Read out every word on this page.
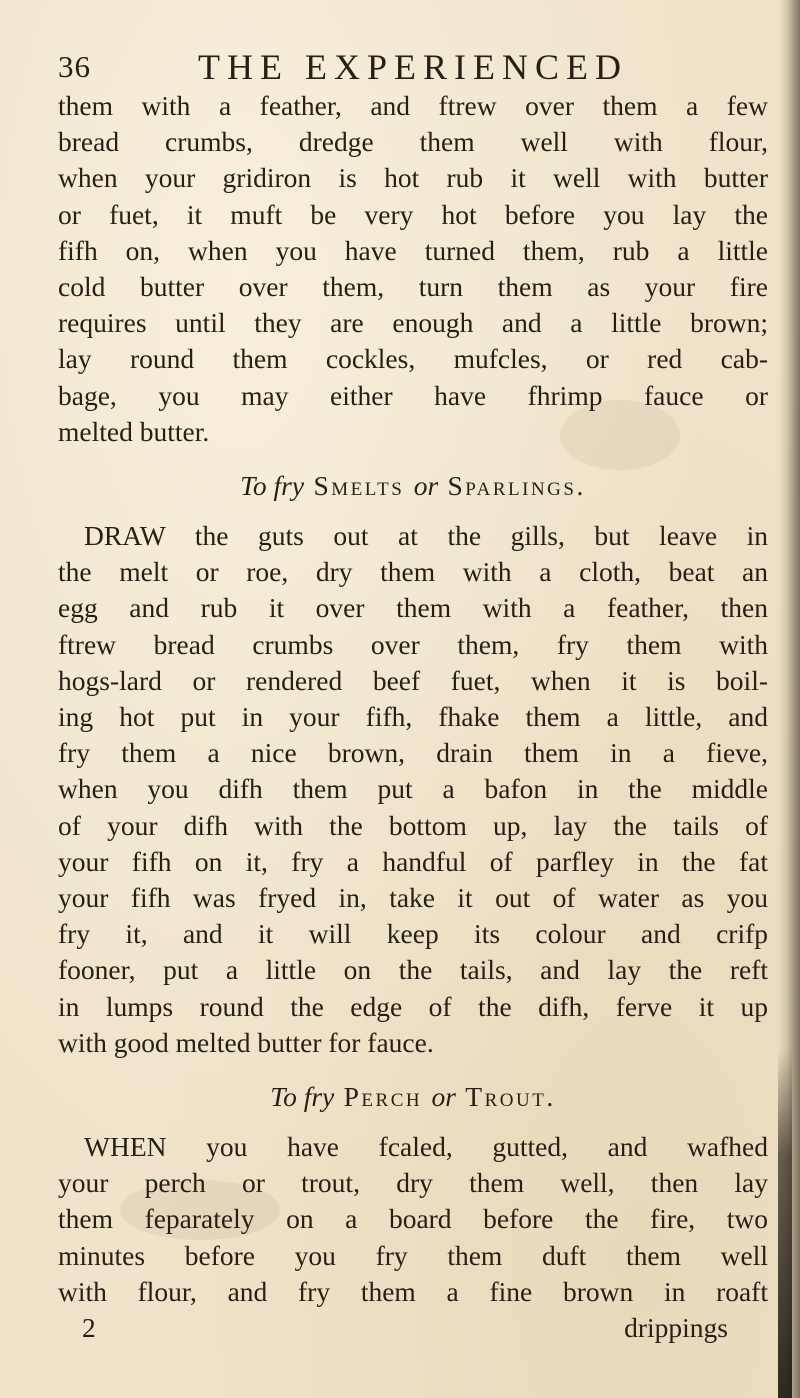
36	THE EXPERIENCED
them with a feather, and ftrew over them a few
bread crumbs, dredge them well with flour,
when your gridiron is hot rub it well with butter
or fuet, it muft be very hot before you lay the
fifh on, when you have turned them, rub a little
cold butter over them, turn them as your fire
requires until they are enough and a little brown;
lay round them cockles, mufcles, or red cab-
bage, you may either have fhrimp fauce or
melted butter.
To fry Smelts or Sparlings.
DRAW the guts out at the gills, but leave in
the melt or roe, dry them with a cloth, beat an
egg and rub it over them with a feather, then
ftrew bread crumbs over them, fry them with
hogs-lard or rendered beef fuet, when it is boil-
ing hot put in your fifh, fhake them a little, and
fry them a nice brown, drain them in a fieve,
when you difh them put a bafon in the middle
of your difh with the bottom up, lay the tails of
your fifh on it, fry a handful of parfley in the fat
your fifh was fryed in, take it out of water as you
fry it, and it will keep its colour and crifp
fooner, put a little on the tails, and lay the reft
in lumps round the edge of the difh, ferve it up
with good melted butter for fauce.
To fry Perch or Trout.
WHEN you have fcaled, gutted, and wafhed
your perch or trout, dry them well, then lay
them feparately on a board before the fire, two
minutes before you fry them duft them well
with flour, and fry them a fine brown in roaft
2	drippings
